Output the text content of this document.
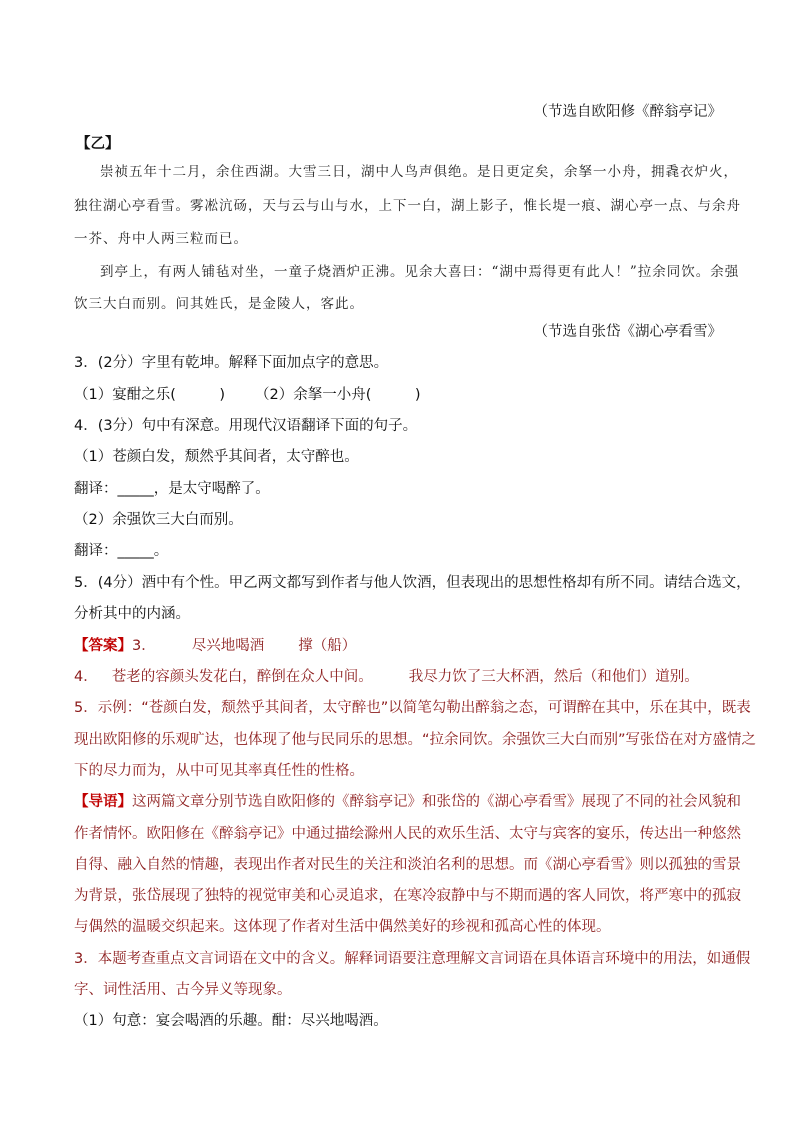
（节选自欧阳修《醉翁亭记》
【乙】
崇祯五年十二月，余住西湖。大雪三日，湖中人鸟声俱绝。是日更定矣，余拏一小舟，拥毳衣炉火，
独往湖心亭看雪。雾凇沆砀，天与云与山与水，上下一白，湖上影子，惟长堤一痕、湖心亭一点、与余舟
一芥、舟中人两三粒而已。
到亭上，有两人铺毡对坐，一童子烧酒炉正沸。见余大喜曰：“湖中焉得更有此人！”拉余同饮。余强
饮三大白而别。问其姓氏，是金陵人，客此。
（节选自张岱《湖心亭看雪》
3．(2分）字里有乾坤。解释下面加点字的意思。
（1）宴酣之乐(　　　) （2）余拏一小舟(　　　)
4．(3分）句中有深意。用现代汉语翻译下面的句子。
（1）苍颜白发，颓然乎其间者，太守醉也。
翻译：_____，是太守喝醉了。
（2）余强饮三大白而别。
翻译：_____。
5．(4分）酒中有个性。甲乙两文都写到作者与他人饮酒，但表现出的思想性格却有所不同。请结合选文，
分析其中的内涵。
【答案】3． 尽兴地喝酒 撑（船）
4． 苍老的容颜头发花白，醉倒在众人中间。 我尽力饮了三大杯酒，然后（和他们）道别。
5．示例：“苍颜白发，颓然乎其间者，太守醉也”以简笔勾勒出醉翁之态，可谓醉在其中，乐在其中，既表
现出欧阳修的乐观旷达，也体现了他与民同乐的思想。“拉余同饮。余强饮三大白而别”写张岱在对方盛情之
下的尽力而为，从中可见其率真任性的性格。
【导语】这两篇文章分别节选自欧阳修的《醉翁亭记》和张岱的《湖心亭看雪》展现了不同的社会风貌和
作者情怀。欧阳修在《醉翁亭记》中通过描绘滁州人民的欢乐生活、太守与宾客的宴乐，传达出一种悠然
自得、融入自然的情趣，表现出作者对民生的关注和淡泊名利的思想。而《湖心亭看雪》则以孤独的雪景
为背景，张岱展现了独特的视觉审美和心灵追求，在寒冷寂静中与不期而遇的客人同饮，将严寒中的孤寂
与偶然的温暖交织起来。这体现了作者对生活中偶然美好的珍视和孤高心性的体现。
3．本题考查重点文言词语在文中的含义。解释词语要注意理解文言词语在具体语言环境中的用法，如通假
字、词性活用、古今异义等现象。
（1）句意：宴会喝酒的乐趣。酣：尽兴地喝酒。
